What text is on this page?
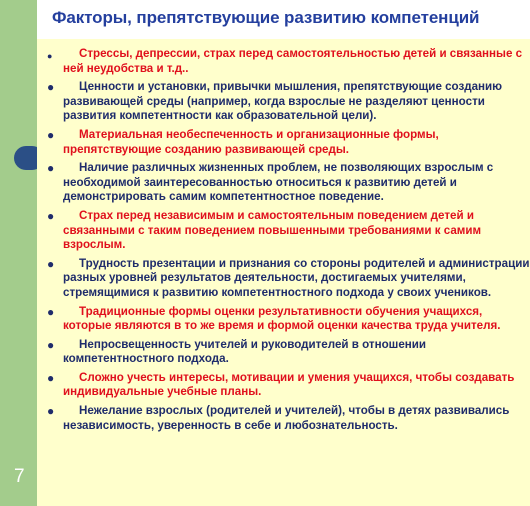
7
Факторы, препятствующие развитию компетенций
●	Стрессы, депрессии, страх перед самостоятельностью детей и связанные с ней неудобства и т.д..
●	Ценности и установки, привычки мышления, препятствующие созданию развивающей среды (например, когда взрослые не разделяют ценности развития компетентности как образовательной цели).
●	Материальная необеспеченность и организационные формы, препятствующие созданию развивающей среды.
●	Наличие различных жизненных проблем, не позволяющих взрослым с необходимой заинтересованностью относиться к развитию детей и демонстрировать самим компетентностное поведение.
●	Страх перед независимым и самостоятельным поведением детей и связанными с таким поведением повышенными требованиями к самим взрослым.
●	Трудность презентации и признания со стороны родителей и администрации разных уровней результатов деятельности, достигаемых учителями, стремящимися к развитию компетентностного подхода у своих учеников.
●	Традиционные формы оценки результативности обучения учащихся, которые являются в то же время и формой оценки качества труда учителя.
●	Непросвещенность учителей и руководителей в отношении компетентностного подхода.
●	Сложно учесть интересы, мотивации и умения учащихся, чтобы создавать индивидуальные учебные планы.
●	Нежелание взрослых (родителей и учителей), чтобы в детях развивались независимость, уверенность в себе и любознательность.
